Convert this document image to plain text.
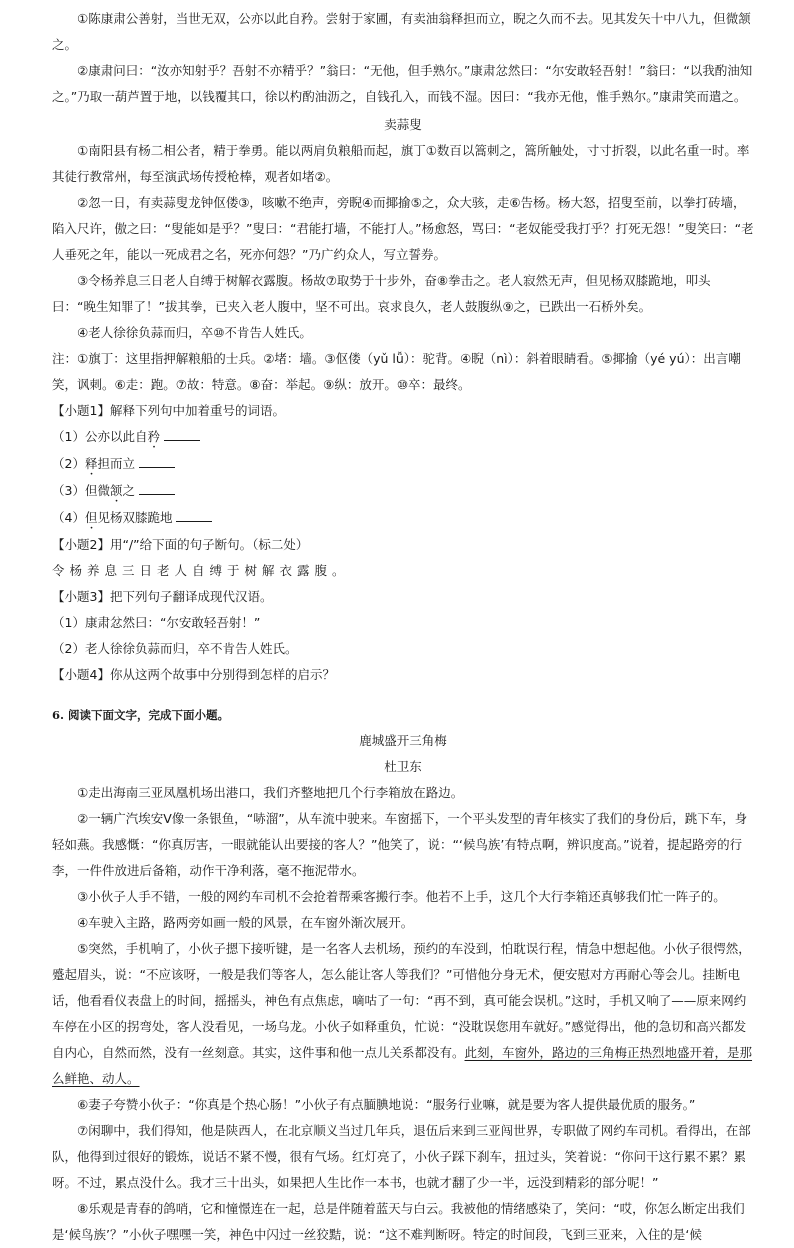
①陈康肃公善射，当世无双，公亦以此自矜。尝射于家圃，有卖油翁释担而立，睨之久而不去。见其发矢十中八九，但微颔之。

②康肃问曰：“汝亦知射乎？吾射不亦精乎？”翁曰：“无他，但手熟尔。”康肃忿然曰：“尔安敢轻吾射！”翁曰：“以我酌油知之。”乃取一葫芦置于地，以钱覆其口，徐以杓酌油沥之，自钱孔入，而钱不湿。因曰：“我亦无他，惟手熟尔。”康肃笑而遣之。

卖蒜叟

①南阳县有杨二相公者，精于拳勇。能以两肩负粮船而起，旗丁①数百以篙刺之，篙所触处，寸寸折裂，以此名重一时。率其徒行教常州，每至演武场传授枪棒，观者如堵②。

②忽一日，有卖蒜叟龙钟伛偻③，咳嗽不绝声，旁睨④而揶揄⑤之，众大骇，走⑥告杨。杨大怒，招叟至前，以拳打砖墙，陷入尺许，傲之曰：“叟能如是乎？”叟曰：“君能打墙，不能打人。”杨愈怒，骂曰：“老奴能受我打乎？打死无怨！”叟笑曰：“老人垂死之年，能以一死成君之名，死亦何怨？”乃广约众人，写立誓券。

③令杨养息三日老人自缚于树解衣露腹。杨故⑦取势于十步外，奋⑧拳击之。老人寂然无声，但见杨双膝跪地，叩头曰：“晚生知罪了！”拔其拳，已夹入老人腹中，坚不可出。哀求良久，老人鼓腹纵⑨之，已跌出一石桥外矣。

④老人徐徐负蒜而归，卒⑩不肯告人姓氏。

注：①旗丁：这里指押解粮船的士兵。②堵：墙。③伛偻（yǔ lǚ）：驼背。④睨（nì）：斜着眼睛看。⑤揶揄（yé yú）：出言嘲笑，讽刺。⑥走：跑。⑦故：特意。⑧奋：举起。⑨纵：放开。⑩卒：最终。

【小题1】解释下列句中加着重号的词语。

（1）公亦以此自矜

（2）释担而立

（3）但微颔之

（4）但见杨双膝跪地

【小题2】用“/”给下面的句子断句。（标二处）

令杨养息三日老人自缚于树解衣露腹。

【小题3】把下列句子翻译成现代汉语。

（1）康肃忿然曰：“尔安敢轻吾射！”

（2）老人徐徐负蒜而归，卒不肯告人姓氏。

【小题4】你从这两个故事中分别得到怎样的启示？

6. 阅读下面文字，完成下面小题。

鹿城盛开三角梅

杜卫东

①走出海南三亚凤凰机场出港口，我们齐整地把几个行李箱放在路边。

②一辆广汽埃安V像一条银鱼，“哧溜”，从车流中驶来。车窗摇下，一个平头发型的青年核实了我们的身份后，跳下车，身轻如燕。我感慨：“你真厉害，一眼就能认出要接的客人？”他笑了，说：“‘候鸟族’有特点啊，辨识度高。”说着，提起路旁的行李，一件件放进后备箱，动作干净利落，毫不拖泥带水。

③小伙子人手不错，一般的网约车司机不会抢着帮乘客搬行李。他若不上手，这几个大行李箱还真够我们忙一阵子的。

④车驶入主路，路两旁如画一般的风景，在车窗外渐次展开。

⑤突然，手机响了，小伙子摁下接听键，是一名客人去机场，预约的车没到，怕耽误行程，情急中想起他。小伙子很愕然，蹙起眉头，说：“不应该呀，一般是我们等客人，怎么能让客人等我们？”可惜他分身无术，便安慰对方再耐心等会儿。挂断电话，他看看仪表盘上的时间，摇摇头，神色有点焦虑，嘀咕了一句：“再不到，真可能会误机。”这时，手机又响了——原来网约车停在小区的拐弯处，客人没看见，一场乌龙。小伙子如释重负，忙说：“没耽误您用车就好。”感觉得出，他的急切和高兴都发自内心，自然而然，没有一丝刻意。其实，这件事和他一点儿关系都没有。此刻，车窗外，路边的三角梅正热烈地盛开着，是那么鲜艳、动人。

⑥妻子夸赞小伙子：“你真是个热心肠！”小伙子有点腼腆地说：“服务行业嘛，就是要为客人提供最优质的服务。”

⑦闲聊中，我们得知，他是陕西人，在北京顺义当过几年兵，退伍后来到三亚闯世界，专职做了网约车司机。看得出，在部队，他得到过很好的锻炼，说话不紧不慢，很有气场。红灯亮了，小伙子踩下刹车，扭过头，笑着说：“你问干这行累不累？累呀。不过，累点没什么。我才三十出头，如果把人生比作一本书，也就才翻了少一半，远没到精彩的部分呢！”

⑧乐观是青春的鸽哨，它和憧憬连在一起，总是伴随着蓝天与白云。我被他的情绪感染了，笑问：“哎，你怎么断定出我们是‘候鸟族’？”小伙子嘿嘿一笑，神色中闪过一丝狡黠，说：“这不难判断呀。特定的时间段，飞到三亚来，入住的是‘候
